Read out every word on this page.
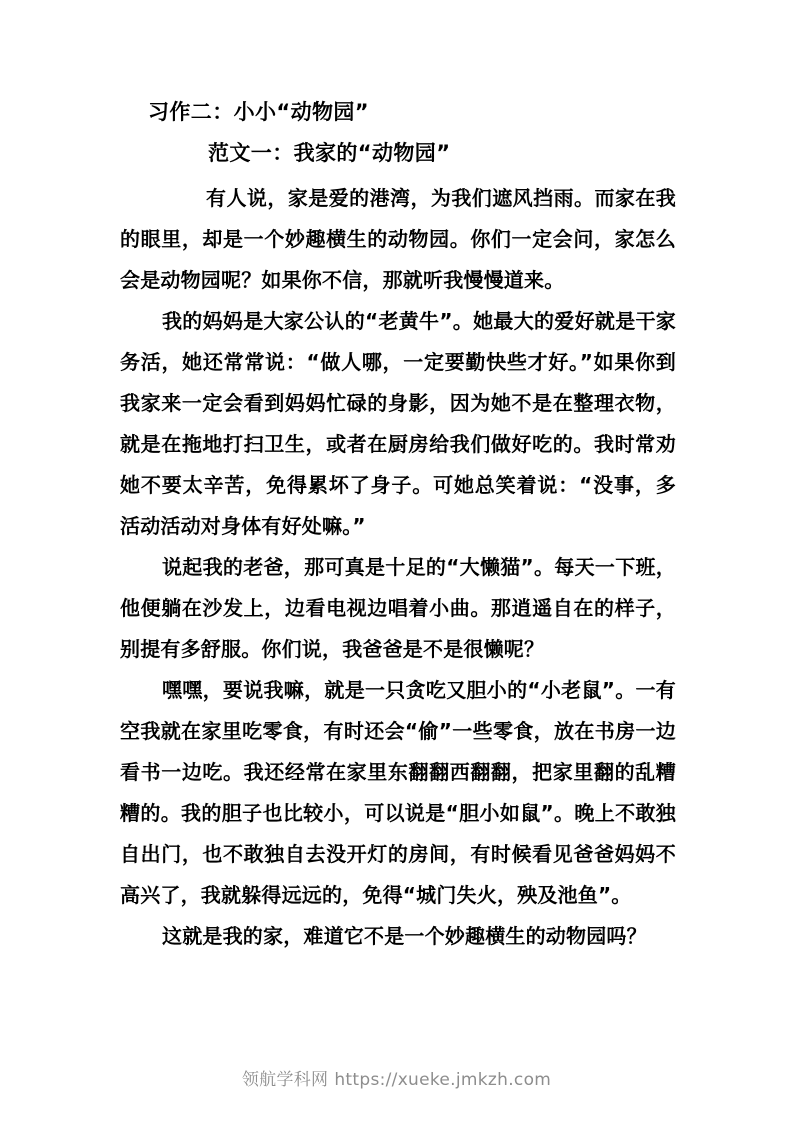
习作二：小小“动物园”
范文一：我家的“动物园”

有人说，家是爱的港湾，为我们遮风挡雨。而家在我的眼里，却是一个妙趣横生的动物园。你们一定会问，家怎么会是动物园呢？如果你不信，那就听我慢慢道来。

我的妈妈是大家公认的“老黄牛”。她最大的爱好就是干家务活，她还常常说：“做人哪，一定要勤快些才好。”如果你到我家来一定会看到妈妈忙碌的身影，因为她不是在整理衣物，就是在拖地打扫卫生，或者在厨房给我们做好吃的。我时常劝她不要太辛苦，免得累坏了身子。可她总笑着说：“没事，多活动活动对身体有好处嘛。”

说起我的老爸，那可真是十足的“大懒猫”。每天一下班，他便躺在沙发上，边看电视边唱着小曲。那逍遥自在的样子，别提有多舒服。你们说，我爸爸是不是很懒呢？

嘿嘿，要说我嘛，就是一只贪吃又胆小的“小老鼠”。一有空我就在家里吃零食，有时还会“偷”一些零食，放在书房一边看书一边吃。我还经常在家里东翻翻西翻翻，把家里翻的乱糟糟的。我的胆子也比较小，可以说是“胆小如鼠”。晚上不敢独自出门，也不敢独自去没开灯的房间，有时候看见爸爸妈妈不高兴了，我就躲得远远的，免得“城门失火，殃及池鱼”。

这就是我的家，难道它不是一个妙趣横生的动物园吗？

领航学科网 https://xueke.jmkzh.com
